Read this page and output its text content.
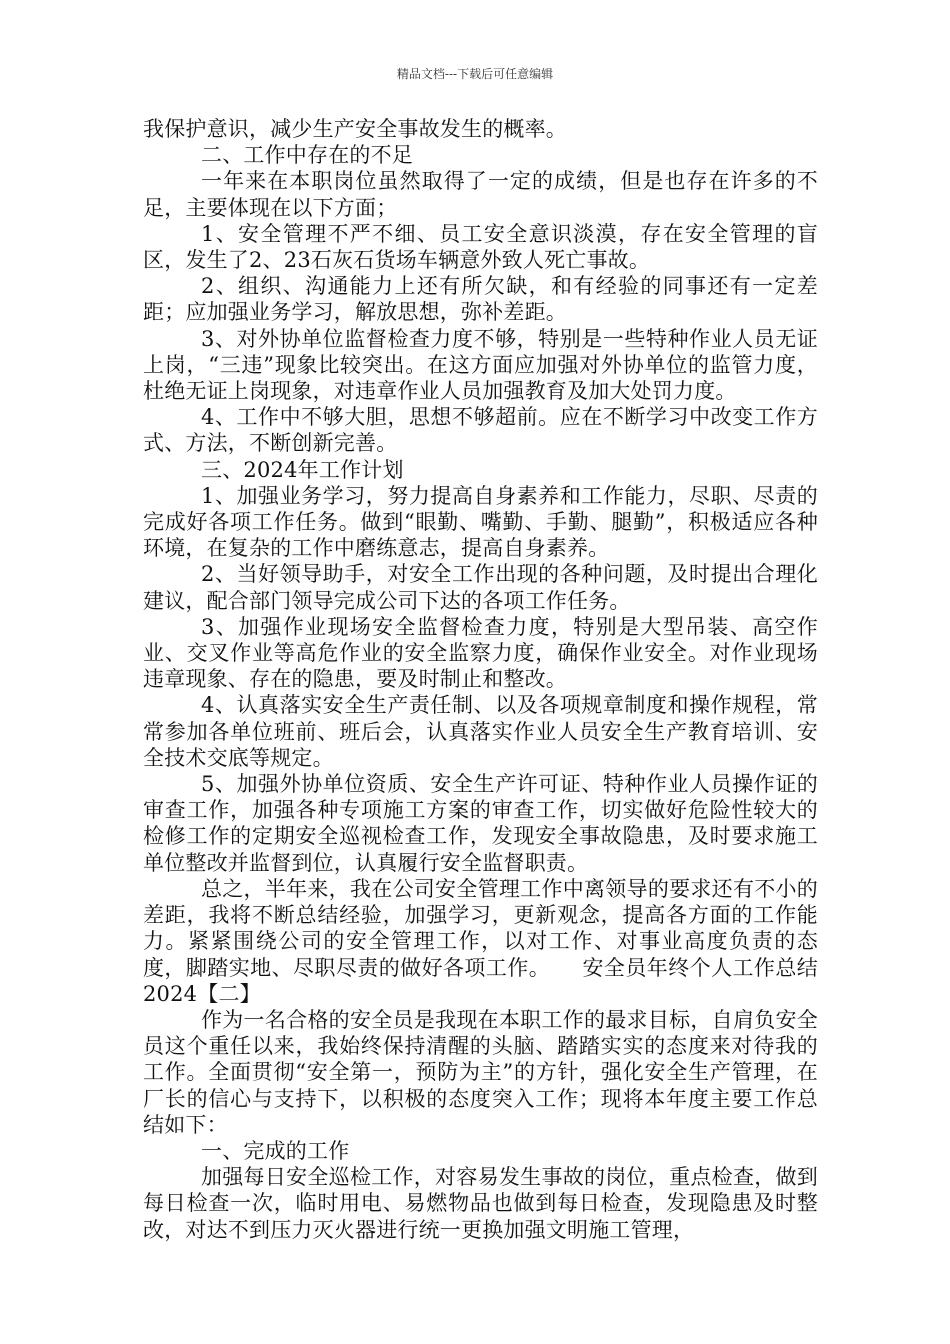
精品文档---下载后可任意编辑

我保护意识，减少生产安全事故发生的概率。

二、工作中存在的不足

一年来在本职岗位虽然取得了一定的成绩，但是也存在许多的不足，主要体现在以下方面；

1、安全管理不严不细、员工安全意识淡漠，存在安全管理的盲区，发生了2、23石灰石货场车辆意外致人死亡事故。

2、组织、沟通能力上还有所欠缺，和有经验的同事还有一定差距；应加强业务学习，解放思想，弥补差距。

3、对外协单位监督检查力度不够，特别是一些特种作业人员无证上岗，“三违”现象比较突出。在这方面应加强对外协单位的监管力度，杜绝无证上岗现象，对违章作业人员加强教育及加大处罚力度。

4、工作中不够大胆，思想不够超前。应在不断学习中改变工作方式、方法，不断创新完善。

三、2024年工作计划

1、加强业务学习，努力提高自身素养和工作能力，尽职、尽责的完成好各项工作任务。做到“眼勤、嘴勤、手勤、腿勤”，积极适应各种环境，在复杂的工作中磨练意志，提高自身素养。

2、当好领导助手，对安全工作出现的各种问题，及时提出合理化建议，配合部门领导完成公司下达的各项工作任务。

3、加强作业现场安全监督检查力度，特别是大型吊装、高空作业、交叉作业等高危作业的安全监察力度，确保作业安全。对作业现场违章现象、存在的隐患，要及时制止和整改。

4、认真落实安全生产责任制、以及各项规章制度和操作规程，常常参加各单位班前、班后会，认真落实作业人员安全生产教育培训、安全技术交底等规定。

5、加强外协单位资质、安全生产许可证、特种作业人员操作证的审查工作，加强各种专项施工方案的审查工作，切实做好危险性较大的 检修工作的定期安全巡视检查工作，发现安全事故隐患，及时要求施工单位整改并监督到位，认真履行安全监督职责。

总之，半年来，我在公司安全管理工作中离领导的要求还有不小的差距，我将不断总结经验，加强学习，更新观念，提高各方面的工作能力。紧紧围绕公司的安全管理工作，以对工作、对事业高度负责的态度，脚踏实地、尽职尽责的做好各项工作。　　安全员年终个人工作总结2024【二】

作为一名合格的安全员是我现在本职工作的最求目标，自肩负安全员这个重任以来，我始终保持清醒的头脑、踏踏实实的态度来对待我的工作。全面贯彻“安全第一，预防为主”的方针，强化安全生产管理，在厂长的信心与支持下，以积极的态度突入工作；现将本年度主要工作总结如下：

一、完成的工作

加强每日安全巡检工作，对容易发生事故的岗位，重点检查，做到每日检查一次，临时用电、易燃物品也做到每日检查，发现隐患及时整改，对达不到压力灭火器进行统一更换加强文明施工管理，
